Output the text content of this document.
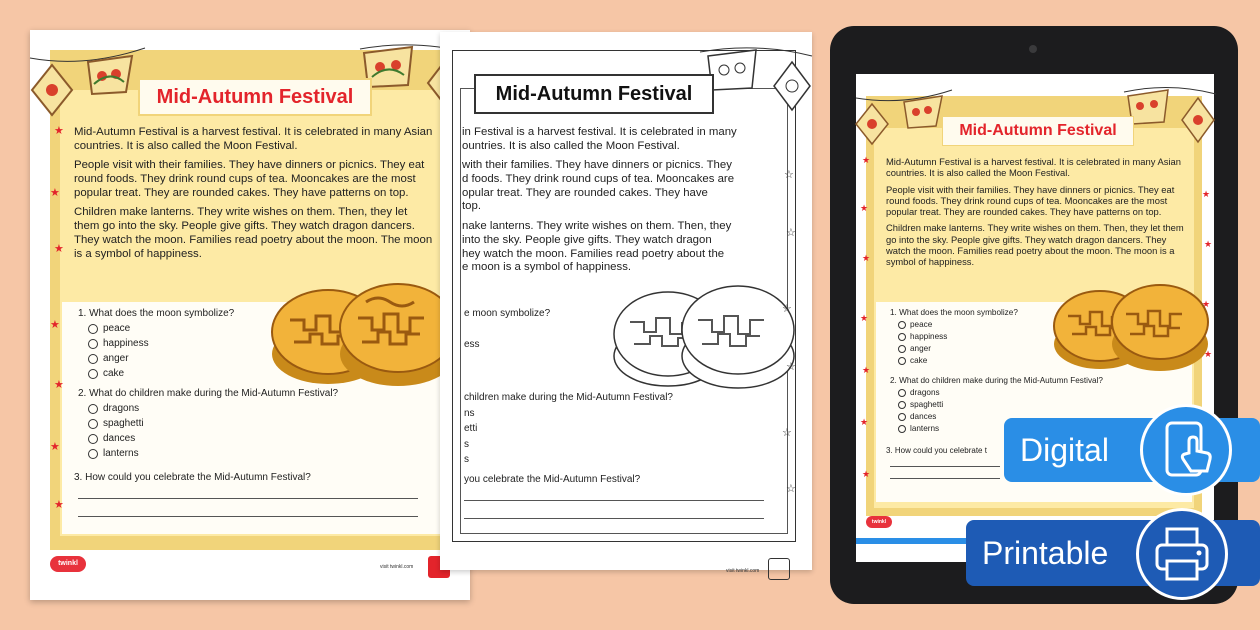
Mid-Autumn Festival

Mid-Autumn Festival is a harvest festival. It is celebrated in many Asian countries. It is also called the Moon Festival.

People visit with their families. They have dinners or picnics. They eat round foods. They drink round cups of tea. Mooncakes are the most popular treat. They are rounded cakes. They have patterns on top.

Children make lanterns. They write wishes on them. Then, they let them go into the sky. People give gifts. They watch dragon dancers. They watch the moon. Families read poetry about the moon. The moon is a symbol of happiness.

1. What does the moon symbolize?
peace
happiness
anger
cake
2. What do children make during the Mid-Autumn Festival?
dragons
spaghetti
dances
lanterns
3. How could you celebrate the Mid-Autumn Festival?
★
★
★
★
★
★
★
twinkl	visit twinkl.com
Mid-Autumn Festival
in Festival is a harvest festival. It is celebrated in many
ountries. It is also called the Moon Festival.
with their families. They have dinners or picnics. They
d foods. They drink round cups of tea. Mooncakes are
opular treat. They are rounded cakes. They have
top.
nake lanterns. They write wishes on them. Then, they
into the sky. People give gifts. They watch dragon
hey watch the moon. Families read poetry about the
e moon is a symbol of happiness.
e moon symbolize?
ess
children make during the Mid-Autumn Festival?
ns
etti
s
s
you celebrate the Mid-Autumn Festival?
☆
☆
☆
☆
☆
☆
visit twinkl.com
Mid-Autumn Festival

Mid-Autumn Festival is a harvest festival. It is celebrated in many Asian countries. It is also called the Moon Festival.

People visit with their families. They have dinners or picnics. They eat round foods. They drink round cups of tea. Mooncakes are the most popular treat. They are rounded cakes. They have patterns on top.

Children make lanterns. They write wishes on them. Then, they let them go into the sky. People give gifts. They watch dragon dancers. They watch the moon. Families read poetry about the moon. The moon is a symbol of happiness.

1. What does the moon symbolize?
peace
happiness
anger
cake
2. What do children make during the Mid-Autumn Festival?
dragons
spaghetti
dances
lanterns
3. How could you celebrate t
★
★
★
★
★
★
★
★
★
★
★
twinkl
Digital
Printable
